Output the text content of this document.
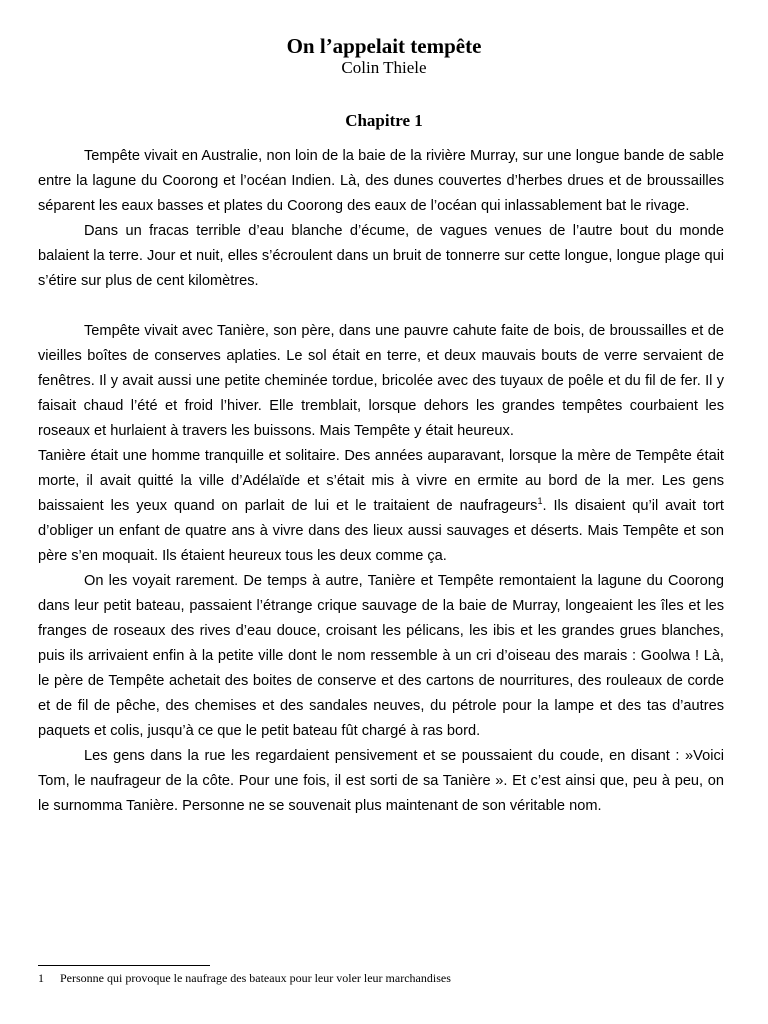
On l’appelait tempête
Colin Thiele
Chapitre 1

Tempête vivait en Australie, non loin de la baie de la rivière Murray, sur une longue bande de sable entre la lagune du Coorong et l’océan Indien. Là, des dunes couvertes d’herbes drues et de broussailles séparent les eaux basses et plates du Coorong des eaux de l’océan qui inlassablement bat le rivage.

Dans un fracas terrible d’eau blanche d’écume, de vagues venues de l’autre bout du monde balaient la terre. Jour et nuit, elles s’écroulent dans un bruit de tonnerre sur cette longue, longue plage qui s’étire sur plus de cent kilomètres.

Tempête vivait avec Tanière, son père, dans une pauvre cahute faite de bois, de broussailles et de vieilles boîtes de conserves aplaties. Le sol était en terre, et deux mauvais bouts de verre servaient de fenêtres. Il y avait aussi une petite cheminée tordue, bricolée avec des tuyaux de poêle et du fil de fer. Il y faisait chaud l’été et froid l’hiver. Elle tremblait, lorsque dehors les grandes tempêtes courbaient les roseaux et hurlaient à travers les buissons. Mais Tempête y était heureux.

Tanière était une homme tranquille et solitaire. Des années auparavant, lorsque la mère de Tempête était morte, il avait quitté la ville d’Adélaïde et s’était mis à vivre en ermite au bord de la mer. Les gens baissaient les yeux quand on parlait de lui et le traitaient de naufrageurs$^1$. Ils disaient qu’il avait tort d’obliger un enfant de quatre ans à vivre dans des lieux aussi sauvages et déserts. Mais Tempête et son père s’en moquait. Ils étaient heureux tous les deux comme ça.

On les voyait rarement. De temps à autre, Tanière et Tempête remontaient la lagune du Coorong dans leur petit bateau, passaient l’étrange crique sauvage de la baie de Murray, longeaient les îles et les franges de roseaux des rives d’eau douce, croisant les pélicans, les ibis et les grandes grues blanches, puis ils arrivaient enfin à la petite ville dont le nom ressemble à un cri d’oiseau des marais : Goolwa ! Là, le père de Tempête achetait des boites de conserve et des cartons de nourritures, des rouleaux de corde et de fil de pêche, des chemises et des sandales neuves, du pétrole pour la lampe et des tas d’autres paquets et colis, jusqu’à ce que le petit bateau fût chargé à ras bord.

Les gens dans la rue les regardaient pensivement et se poussaient du coude, en disant : »Voici Tom, le naufrageur de la côte. Pour une fois, il est sorti de sa Tanière ». Et c’est ainsi que, peu à peu, on le surnomma Tanière. Personne ne se souvenait plus maintenant de son véritable nom.

1 Personne qui provoque le naufrage des bateaux pour leur voler leur marchandises
